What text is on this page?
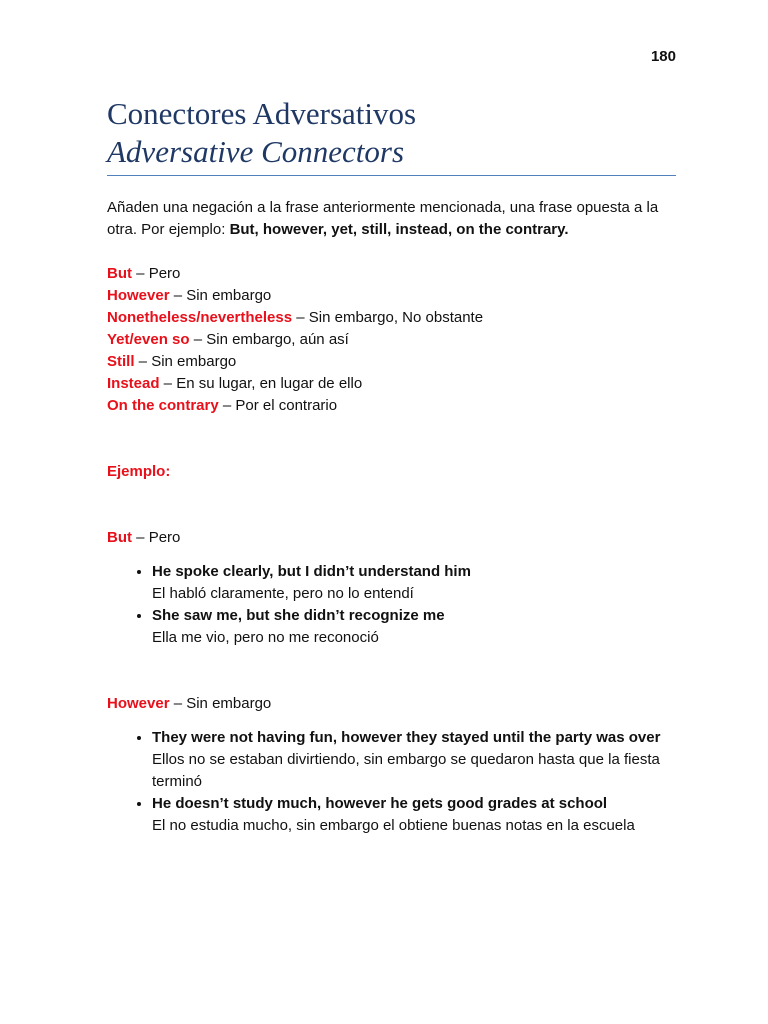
180
Conectores Adversativos
Adversative Connectors

Añaden una negación a la frase anteriormente mencionada, una frase opuesta a la otra. Por ejemplo: But, however, yet, still, instead, on the contrary.

But – Pero
However – Sin embargo
Nonetheless/nevertheless – Sin embargo, No obstante
Yet/even so – Sin embargo, aún así
Still – Sin embargo
Instead – En su lugar, en lugar de ello
On the contrary – Por el contrario
Ejemplo:
But – Pero
• He spoke clearly, but I didn’t understand him
El habló claramente, pero no lo entendí
• She saw me, but she didn’t recognize me
Ella me vio, pero no me reconoció
However – Sin embargo
• They were not having fun, however they stayed until the party was over
Ellos no se estaban divirtiendo, sin embargo se quedaron hasta que la fiesta terminó
• He doesn’t study much, however he gets good grades at school
El no estudia mucho, sin embargo el obtiene buenas notas en la escuela
